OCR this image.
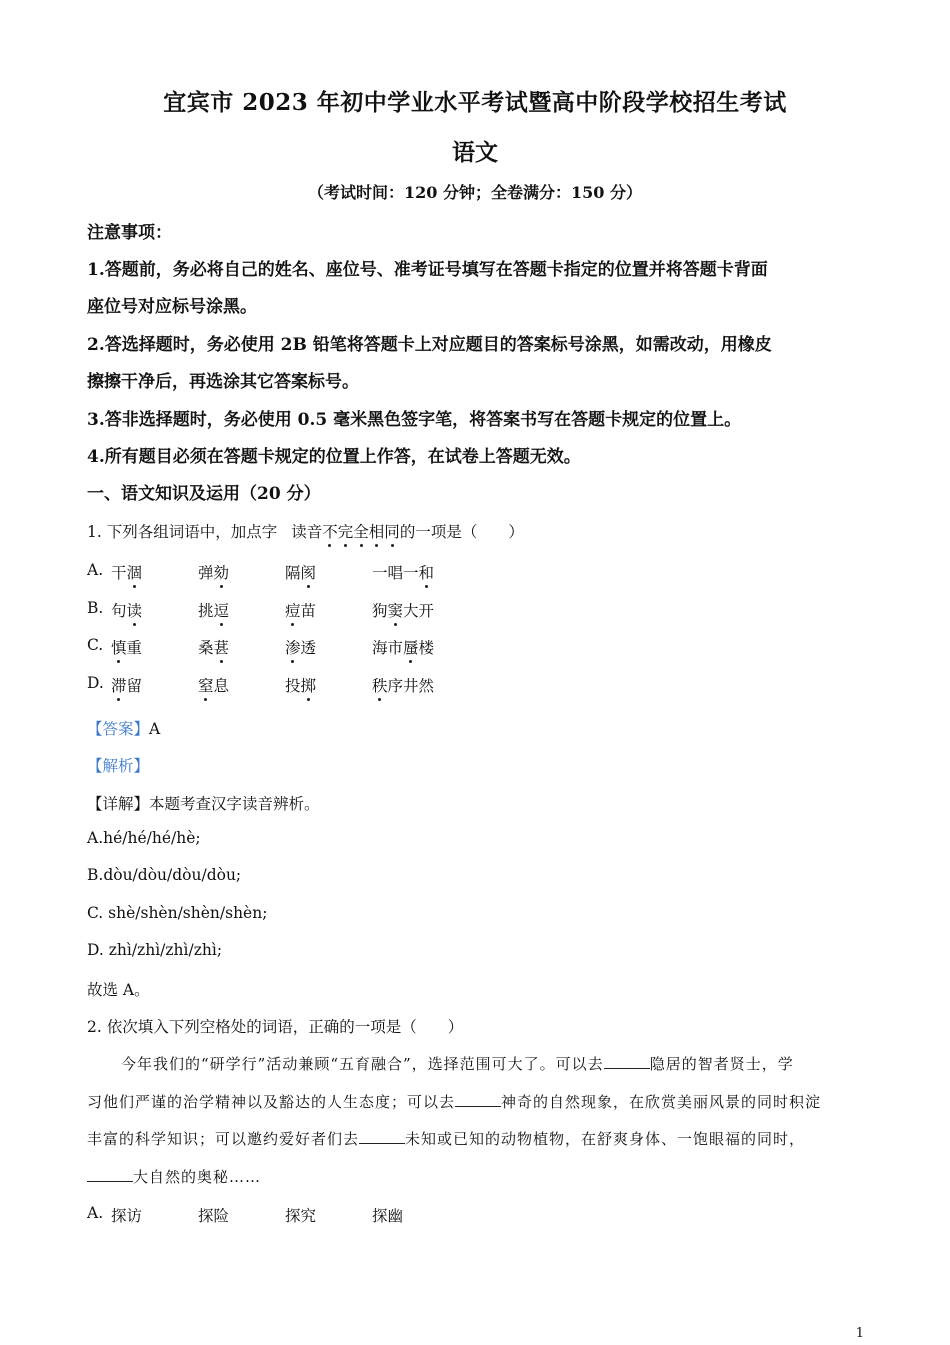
宜宾市 2023 年初中学业水平考试暨高中阶段学校招生考试
语文
（考试时间：120 分钟；全卷满分：150 分）
注意事项：
1.答题前，务必将自己的姓名、座位号、准考证号填写在答题卡指定的位置并将答题卡背面
座位号对应标号涂黑。
2.答选择题时，务必使用 2B 铅笔将答题卡上对应题目的答案标号涂黑，如需改动，用橡皮
擦擦干净后，再选涂其它答案标号。
3.答非选择题时，务必使用 0.5 毫米黑色签字笔，将答案书写在答题卡规定的位置上。
4.所有题目必须在答题卡规定的位置上作答，在试卷上答题无效。
一、语文知识及运用（20 分）
1. 下列各组词语中，加点字 读音不完全相同的一项是（　　）
A. 干涸	弹劾	隔阂	一唱一和
B. 句读	挑逗	痘苗	狗窦大开
C. 慎重	桑葚	渗透	海市蜃楼
D. 滞留	窒息	投掷	秩序井然
【答案】A
【解析】
【详解】本题考查汉字读音辨析。
A.hé/hé/hé/hè;
B.dòu/dòu/dòu/dòu;
C. shè/shèn/shèn/shèn;
D. zhì/zhì/zhì/zhì;
故选 A。
2. 依次填入下列空格处的词语，正确的一项是（　　）
今年我们的“研学行”活动兼顾“五育融合”，选择范围可大了。可以去	隐居的智者贤士，学
习他们严谨的治学精神以及豁达的人生态度；可以去	神奇的自然现象，在欣赏美丽风景的同时积淀
丰富的科学知识；可以邀约爱好者们去	未知或已知的动物植物，在舒爽身体、一饱眼福的同时，
大自然的奥秘……
A. 探访	探险	探究	探幽
1
